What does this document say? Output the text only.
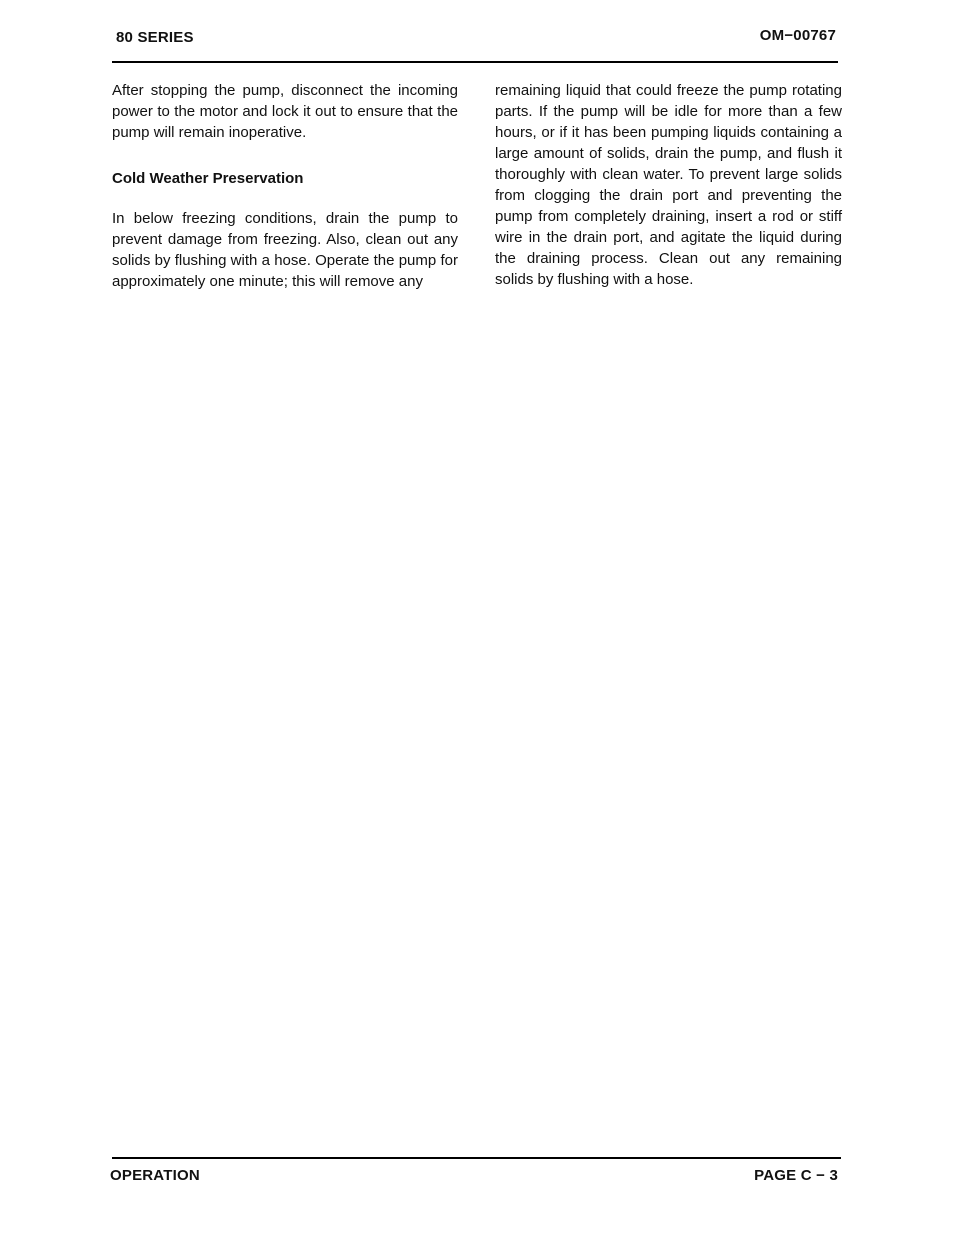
80 SERIES	OM−00767

After stopping the pump, disconnect the incoming power to the motor and lock it out to ensure that the pump will remain inoperative.

Cold Weather Preservation

In below freezing conditions, drain the pump to prevent damage from freezing. Also, clean out any solids by flushing with a hose. Operate the pump for approximately one minute; this will remove any

remaining liquid that could freeze the pump rotating parts. If the pump will be idle for more than a few hours, or if it has been pumping liquids containing a large amount of solids, drain the pump, and flush it thoroughly with clean water. To prevent large solids from clogging the drain port and preventing the pump from completely draining, insert a rod or stiff wire in the drain port, and agitate the liquid during the draining process. Clean out any remaining solids by flushing with a hose.

OPERATION	PAGE C − 3
